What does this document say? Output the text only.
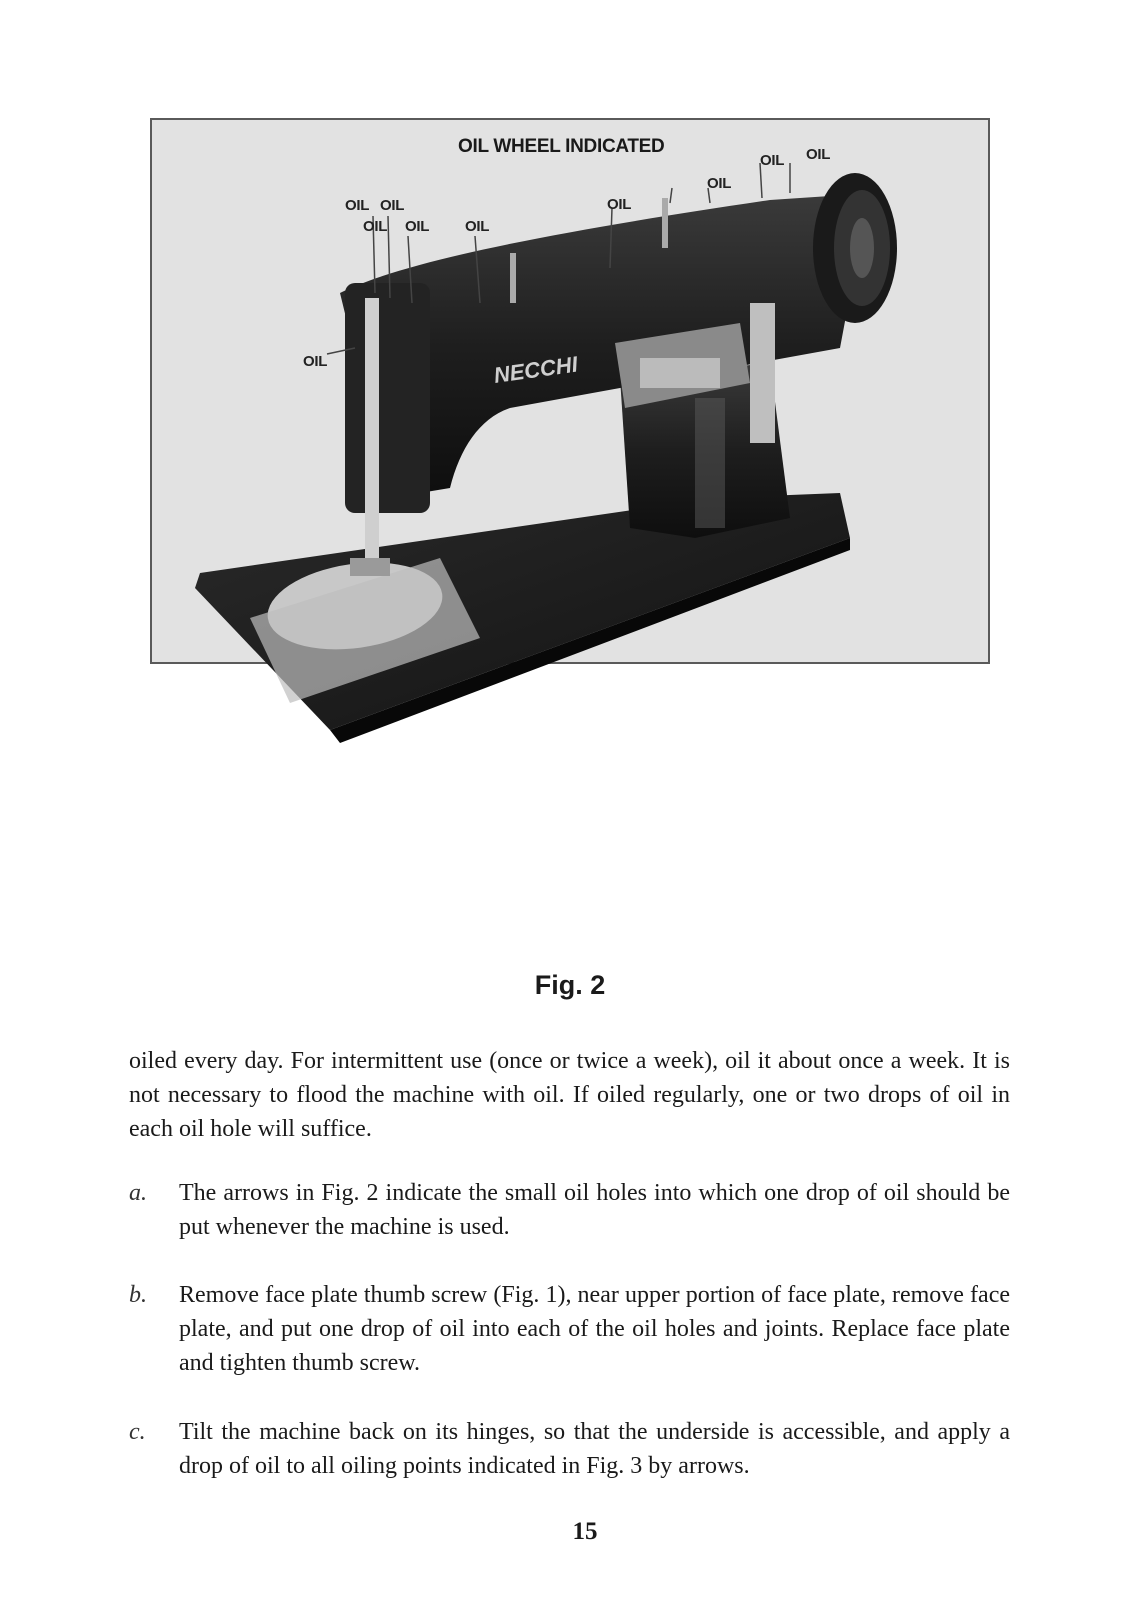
NECCHI
OIL WHEEL INDICATED
OIL OIL
OIL OIL OIL
OIL
OIL
OIL OIL
OIL
Fig. 2
oiled every day. For intermittent use (once or twice a week), oil it about once a week. It is not necessary to flood the machine with oil. If oiled regularly, one or two drops of oil in each oil hole will suffice.
a. The arrows in Fig. 2 indicate the small oil holes into which one drop of oil should be put whenever the machine is used.
b. Remove face plate thumb screw (Fig. 1), near upper portion of face plate, remove face plate, and put one drop of oil into each of the oil holes and joints. Replace face plate and tighten thumb screw.
c. Tilt the machine back on its hinges, so that the underside is accessible, and apply a drop of oil to all oiling points indicated in Fig. 3 by arrows.
15
